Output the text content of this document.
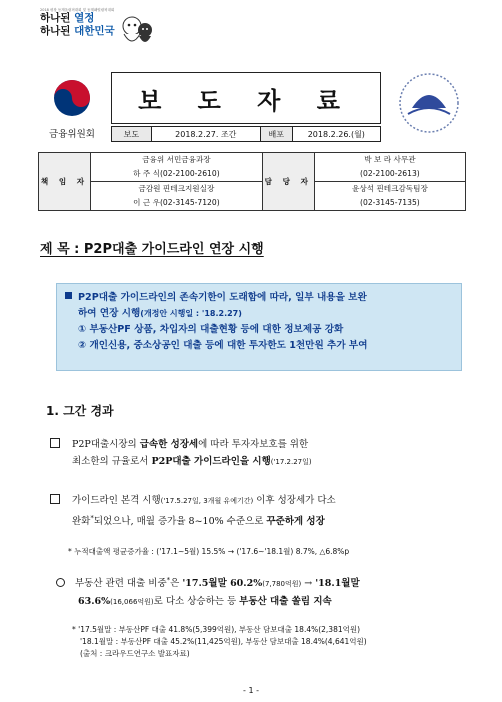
2018 평창 동계올림픽대회 및 동계패럴림픽대회
하나된 열정
하나된 대한민국
금융위원회
보 도 자 료
보도	2018.2.27. 조간	배포	2018.2.26.(월)
책 임 자	금융위 서민금융과장	담 당 자	박 보 라 사무관
	하 주 식(02-2100-2610)		(02-2100-2613)
	금감원 핀테크지원실장		윤상석 핀테크감독팀장
	이 근 우(02-3145-7120)		(02-3145-7135)
제 목 : P2P대출 가이드라인 연장 시행
P2P대출 가이드라인의 존속기한이 도래함에 따라, 일부 내용을 보완
하여 연장 시행(개정안 시행일 : '18.2.27)
① 부동산PF 상품, 차입자의 대출현황 등에 대한 정보제공 강화
② 개인신용, 중소상공인 대출 등에 대한 투자한도 1천만원 추가 부여
1. 그간 경과
P2P대출시장의 급속한 성장세에 따라 투자자보호를 위한
최소한의 규율로서 P2P대출 가이드라인을 시행('17.2.27일)
가이드라인 본격 시행('17.5.27일, 3개월 유예기간) 이후 성장세가 다소
완화*되었으나, 매월 증가율 8~10% 수준으로 꾸준하게 성장
* 누적대출액 평균증가율 : ('17.1~5월) 15.5% → ('17.6~'18.1월) 8.7%, △6.8%p
부동산 관련 대출 비중*은 '17.5월말 60.2%(7,780억원) → '18.1월말
63.6%(16,066억원)로 다소 상승하는 등 부동산 대출 쏠림 지속
* '17.5월말 : 부동산PF 대출 41.8%(5,399억원), 부동산 담보대출 18.4%(2,381억원)
'18.1월말 : 부동산PF 대출 45.2%(11,425억원), 부동산 담보대출 18.4%(4,641억원)
(출처 : 크라우드연구소 발표자료)
- 1 -
